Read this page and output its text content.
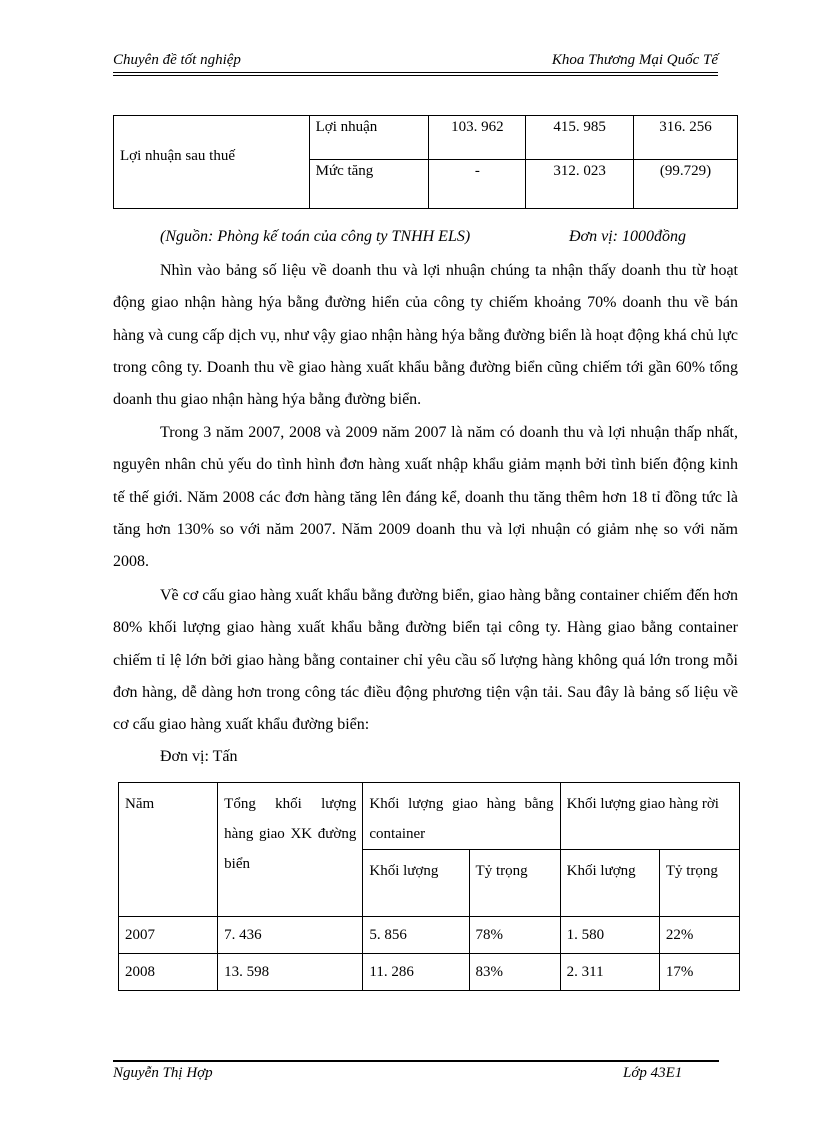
Chuyên đề tốt nghiệp	Khoa Thương Mại Quốc Tế
Lợi nhuận sau thuế	Lợi nhuận	103. 962	415. 985	316. 256
	Mức tăng	-	312. 023	(99.729)
(Nguồn: Phòng kế toán của công ty TNHH ELS)	Đơn vị: 1000đồng

Nhìn vào bảng số liệu về doanh thu và lợi nhuận chúng ta nhận thấy doanh thu từ hoạt động giao nhận hàng hýa bằng đường hiển của công ty chiếm khoảng 70% doanh thu về bán hàng và cung cấp dịch vụ, như vậy giao nhận hàng hýa bằng đường biển là hoạt động khá chủ lực trong công ty. Doanh thu về giao hàng xuất khẩu bằng đường biển cũng chiếm tới gần 60% tổng doanh thu giao nhận hàng hýa bằng đường biển.

Trong 3 năm 2007, 2008 và 2009 năm 2007 là năm có doanh thu và lợi nhuận thấp nhất, nguyên nhân chủ yếu do tình hình đơn hàng xuất nhập khẩu giảm mạnh bởi tình biến động kinh tế thế giới. Năm 2008 các đơn hàng tăng lên đáng kể, doanh thu tăng thêm hơn 18 tỉ đồng tức là tăng hơn 130% so với năm 2007. Năm 2009 doanh thu và lợi nhuận có giảm nhẹ so với năm 2008.

Về cơ cấu giao hàng xuất khẩu bằng đường biển, giao hàng bằng container chiếm đến hơn 80% khối lượng giao hàng xuất khẩu bằng đường biển tại công ty. Hàng giao bằng container chiếm tỉ lệ lớn bởi giao hàng bằng container chỉ yêu cầu số lượng hàng không quá lớn trong mỗi đơn hàng, dễ dàng hơn trong công tác điều động phương tiện vận tải. Sau đây là bảng số liệu về cơ cấu giao hàng xuất khẩu đường biển:

Đơn vị: Tấn
Năm	Tổng khối lượng hàng giao XK đường biển	Khối lượng giao hàng bằng container		Khối lượng giao hàng rời	
		Khối lượng	Tỷ trọng	Khối lượng	Tỷ trọng
2007	7. 436	5. 856	78%	1. 580	22%
2008	13. 598	11. 286	83%	2. 311	17%
Nguyễn Thị Hợp	Lớp 43E1
